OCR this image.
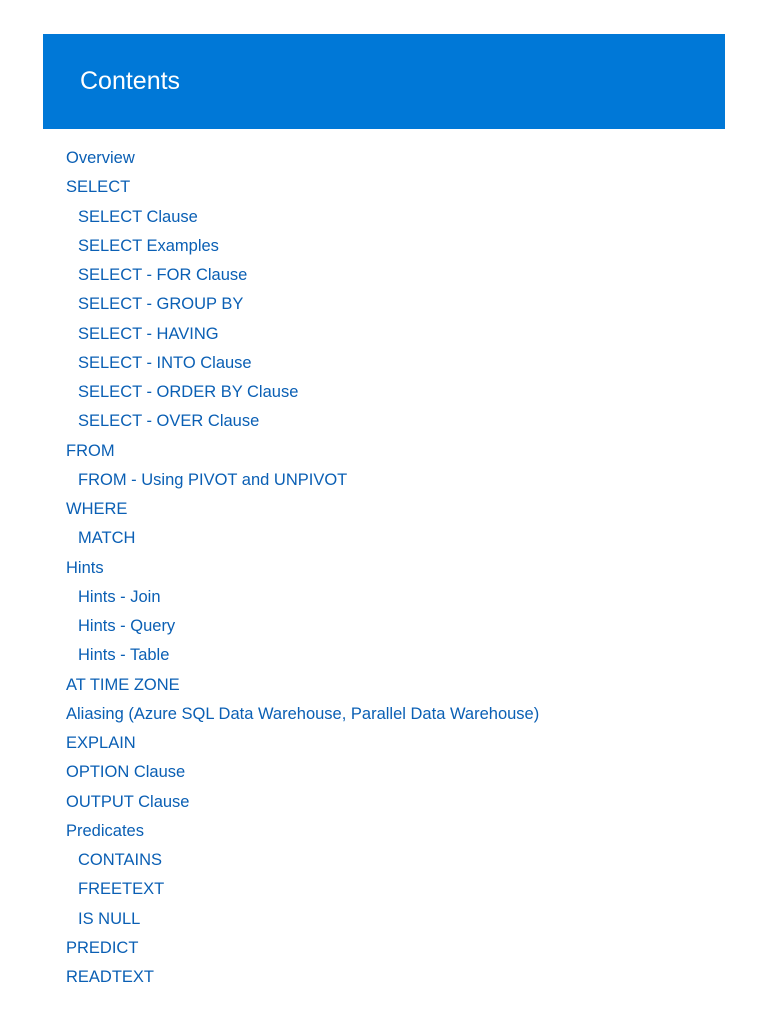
Contents
Overview
SELECT
SELECT Clause
SELECT Examples
SELECT - FOR Clause
SELECT - GROUP BY
SELECT - HAVING
SELECT - INTO Clause
SELECT - ORDER BY Clause
SELECT - OVER Clause
FROM
FROM - Using PIVOT and UNPIVOT
WHERE
MATCH
Hints
Hints - Join
Hints - Query
Hints - Table
AT TIME ZONE
Aliasing (Azure SQL Data Warehouse, Parallel Data Warehouse)
EXPLAIN
OPTION Clause
OUTPUT Clause
Predicates
CONTAINS
FREETEXT
IS NULL
PREDICT
READTEXT
